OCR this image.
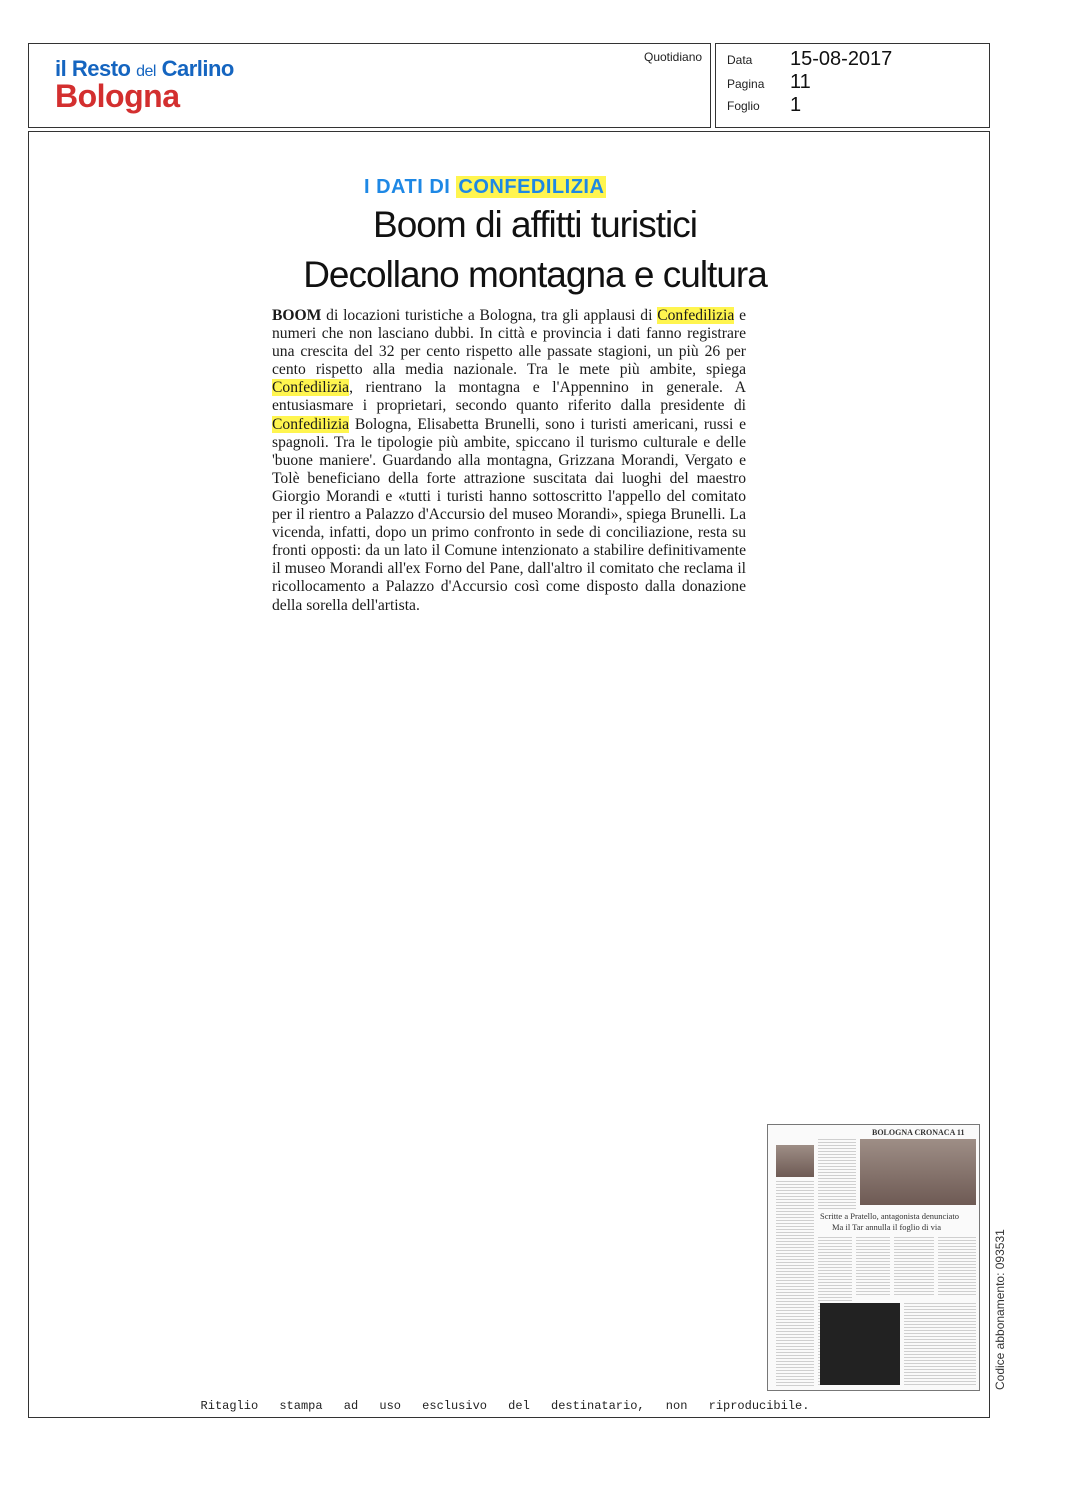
il Resto del Carlino
Bologna
Quotidiano Data 15-08-2017
Pagina 11
Foglio 1
I DATI DI CONFEDILIZIA
Boom di affitti turistici
Decollano montagna e cultura
BOOM di locazioni turistiche a Bologna, tra gli applausi di Confedilizia e numeri che non lasciano dubbi. In città e provincia i dati fanno registrare una crescita del 32 per cento rispetto alle passate stagioni, un più 26 per cento rispetto alla media nazionale. Tra le mete più ambite, spiega Confedilizia, rientrano la montagna e l'Appennino in generale. A entusiasmare i proprietari, secondo quanto riferito dalla presidente di Confedilizia Bologna, Elisabetta Brunelli, sono i turisti americani, russi e spagnoli. Tra le tipologie più ambite, spiccano il turismo culturale e delle 'buone maniere'. Guardando alla montagna, Grizzana Morandi, Vergato e Tolè beneficiano della forte attrazione suscitata dai luoghi del maestro Giorgio Morandi e «tutti i turisti hanno sottoscritto l'appello del comitato per il rientro a Palazzo d'Accursio del museo Morandi», spiega Brunelli. La vicenda, infatti, dopo un primo confronto in sede di conciliazione, resta su fronti opposti: da un lato il Comune intenzionato a stabilire definitivamente il museo Morandi all'ex Forno del Pane, dall'altro il comitato che reclama il ricollocamento a Palazzo d'Accursio così come disposto dalla donazione della sorella dell'artista.
BOLOGNA CRONACA 11
Scritte a Pratello, antagonista denunciato
Ma il Tar annulla il foglio di via
Codice abbonamento: 093531
Ritaglio stampa ad uso esclusivo del destinatario, non riproducibile.
